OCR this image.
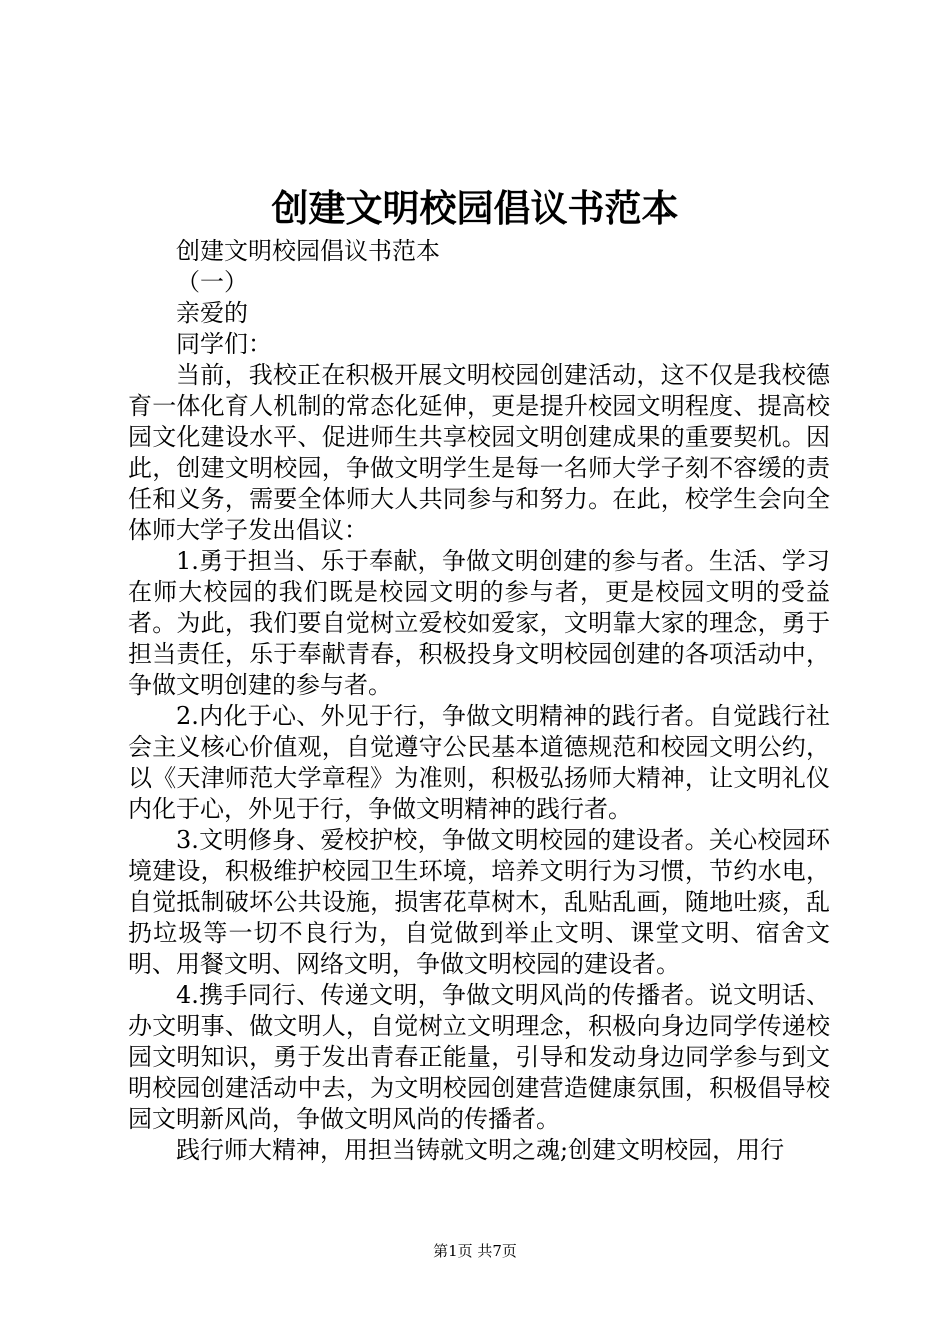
创建文明校园倡议书范本

创建文明校园倡议书范本

（一）

亲爱的

同学们：

当前，我校正在积极开展文明校园创建活动，这不仅是我校德育一体化育人机制的常态化延伸，更是提升校园文明程度、提高校园文化建设水平、促进师生共享校园文明创建成果的重要契机。因此，创建文明校园，争做文明学生是每一名师大学子刻不容缓的责任和义务，需要全体师大人共同参与和努力。在此，校学生会向全体师大学子发出倡议：

1.勇于担当、乐于奉献，争做文明创建的参与者。生活、学习在师大校园的我们既是校园文明的参与者，更是校园文明的受益者。为此，我们要自觉树立爱校如爱家，文明靠大家的理念，勇于担当责任，乐于奉献青春，积极投身文明校园创建的各项活动中，争做文明创建的参与者。

2.内化于心、外见于行，争做文明精神的践行者。自觉践行社会主义核心价值观，自觉遵守公民基本道德规范和校园文明公约，以《天津师范大学章程》为准则，积极弘扬师大精神，让文明礼仪内化于心，外见于行，争做文明精神的践行者。

3.文明修身、爱校护校，争做文明校园的建设者。关心校园环境建设，积极维护校园卫生环境，培养文明行为习惯，节约水电，自觉抵制破坏公共设施，损害花草树木，乱贴乱画，随地吐痰，乱扔垃圾等一切不良行为，自觉做到举止文明、课堂文明、宿舍文明、用餐文明、网络文明，争做文明校园的建设者。

4.携手同行、传递文明，争做文明风尚的传播者。说文明话、办文明事、做文明人，自觉树立文明理念，积极向身边同学传递校园文明知识，勇于发出青春正能量，引导和发动身边同学参与到文明校园创建活动中去，为文明校园创建营造健康氛围，积极倡导校园文明新风尚，争做文明风尚的传播者。

践行师大精神，用担当铸就文明之魂;创建文明校园，用行

第1页 共7页
